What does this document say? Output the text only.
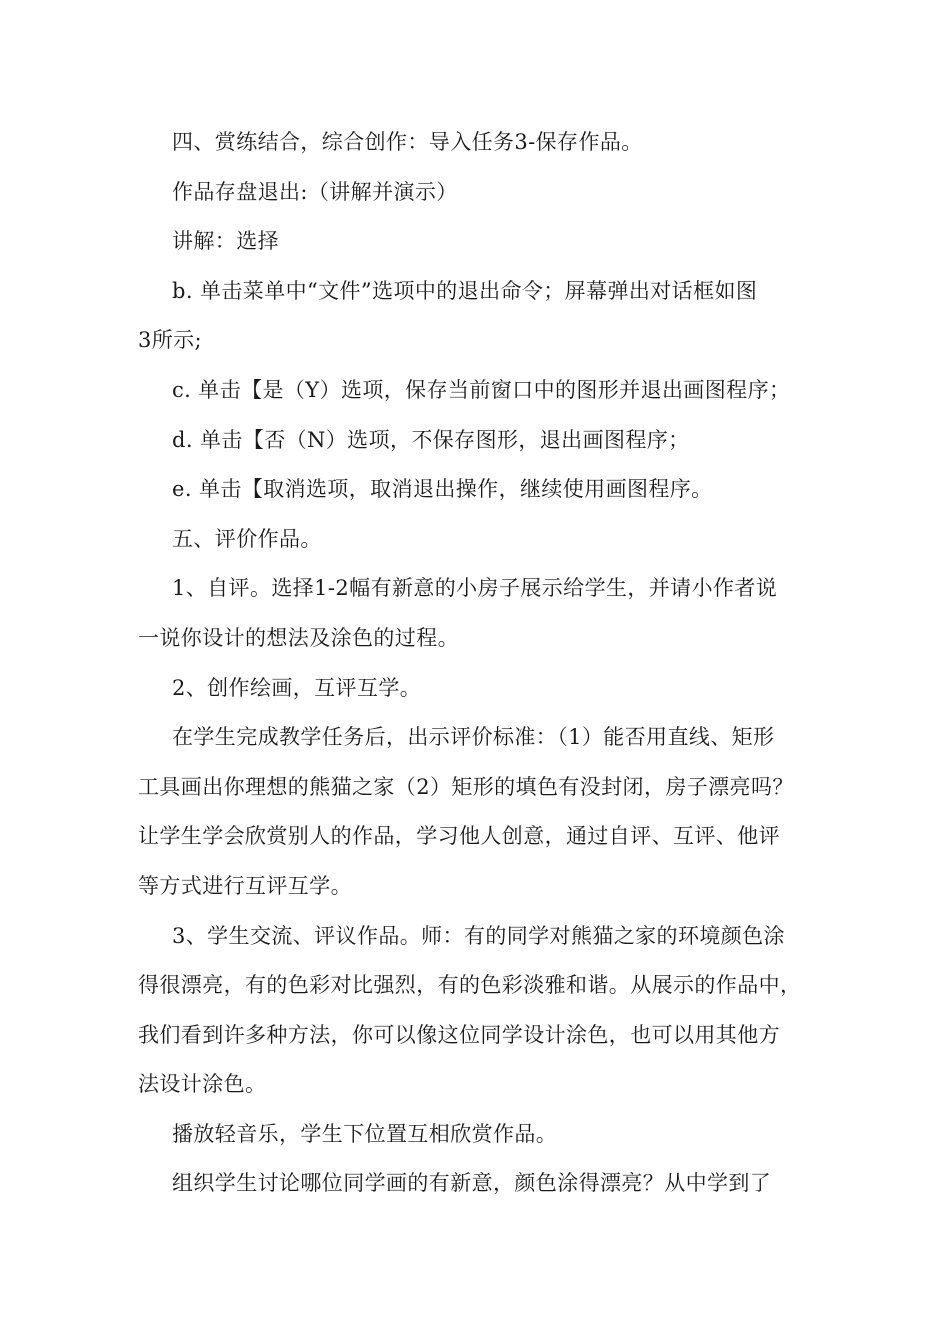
四、赏练结合，综合创作：导入任务3-保存作品。
作品存盘退出:（讲解并演示）
讲解：选择
b. 单击菜单中“文件”选项中的退出命令；屏幕弹出对话框如图
3所示;
c. 单击【是（Y）选项，保存当前窗口中的图形并退出画图程序；
d. 单击【否（N）选项，不保存图形，退出画图程序；
e. 单击【取消选项，取消退出操作，继续使用画图程序。
五、评价作品。
1、自评。选择1-2幅有新意的小房子展示给学生，并请小作者说
一说你设计的想法及涂色的过程。
2、创作绘画，互评互学。
在学生完成教学任务后，出示评价标准：（1）能否用直线、矩形
工具画出你理想的熊猫之家（2）矩形的填色有没封闭，房子漂亮吗？
让学生学会欣赏别人的作品，学习他人创意，通过自评、互评、他评
等方式进行互评互学。
3、学生交流、评议作品。师：有的同学对熊猫之家的环境颜色涂
得很漂亮，有的色彩对比强烈，有的色彩淡雅和谐。从展示的作品中，
我们看到许多种方法，你可以像这位同学设计涂色，也可以用其他方
法设计涂色。
播放轻音乐，学生下位置互相欣赏作品。
组织学生讨论哪位同学画的有新意，颜色涂得漂亮？从中学到了
